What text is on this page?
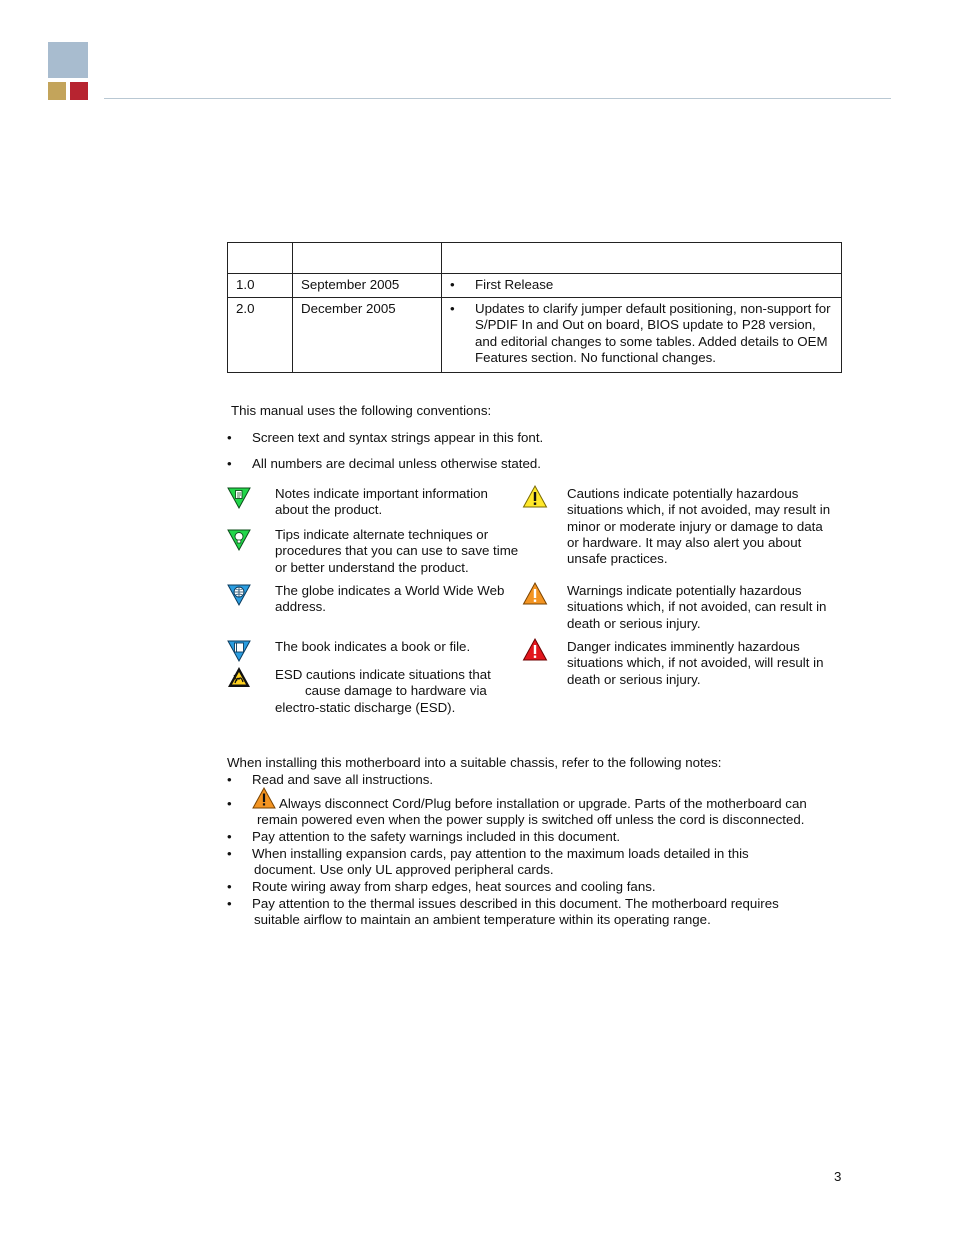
1.0	September 2005	• First Release

2.0	December 2005	• Updates to clarify jumper default positioning, non-support for S/PDIF In and Out on board, BIOS update to P28 version, and editorial changes to some tables. Added details to OEM Features section. No functional changes.
This manual uses the following conventions:
• Screen text and syntax strings appear in this font.
• All numbers are decimal unless otherwise stated.
Notes indicate important information about the product.
Tips indicate alternate techniques or procedures that you can use to save time or better understand the product.
The globe indicates a World Wide Web address.
The book indicates a book or file.
ESD cautions indicate situations that
cause damage to hardware via
electro-static discharge (ESD).
Cautions indicate potentially hazardous situations which, if not avoided, may result in minor or moderate injury or damage to data or hardware. It may also alert you about unsafe practices.
Warnings indicate potentially hazardous situations which, if not avoided, can result in death or serious injury.
Danger indicates imminently hazardous situations which, if not avoided, will result in death or serious injury.
When installing this motherboard into a suitable chassis, refer to the following notes:
• Read and save all instructions.
•	Always disconnect Cord/Plug before installation or upgrade. Parts of the motherboard can
remain powered even when the power supply is switched off unless the cord is disconnected.
• Pay attention to the safety warnings included in this document.
• When installing expansion cards, pay attention to the maximum loads detailed in this
document. Use only UL approved peripheral cards.
• Route wiring away from sharp edges, heat sources and cooling fans.
• Pay attention to the thermal issues described in this document. The motherboard requires
suitable airflow to maintain an ambient temperature within its operating range.
3
